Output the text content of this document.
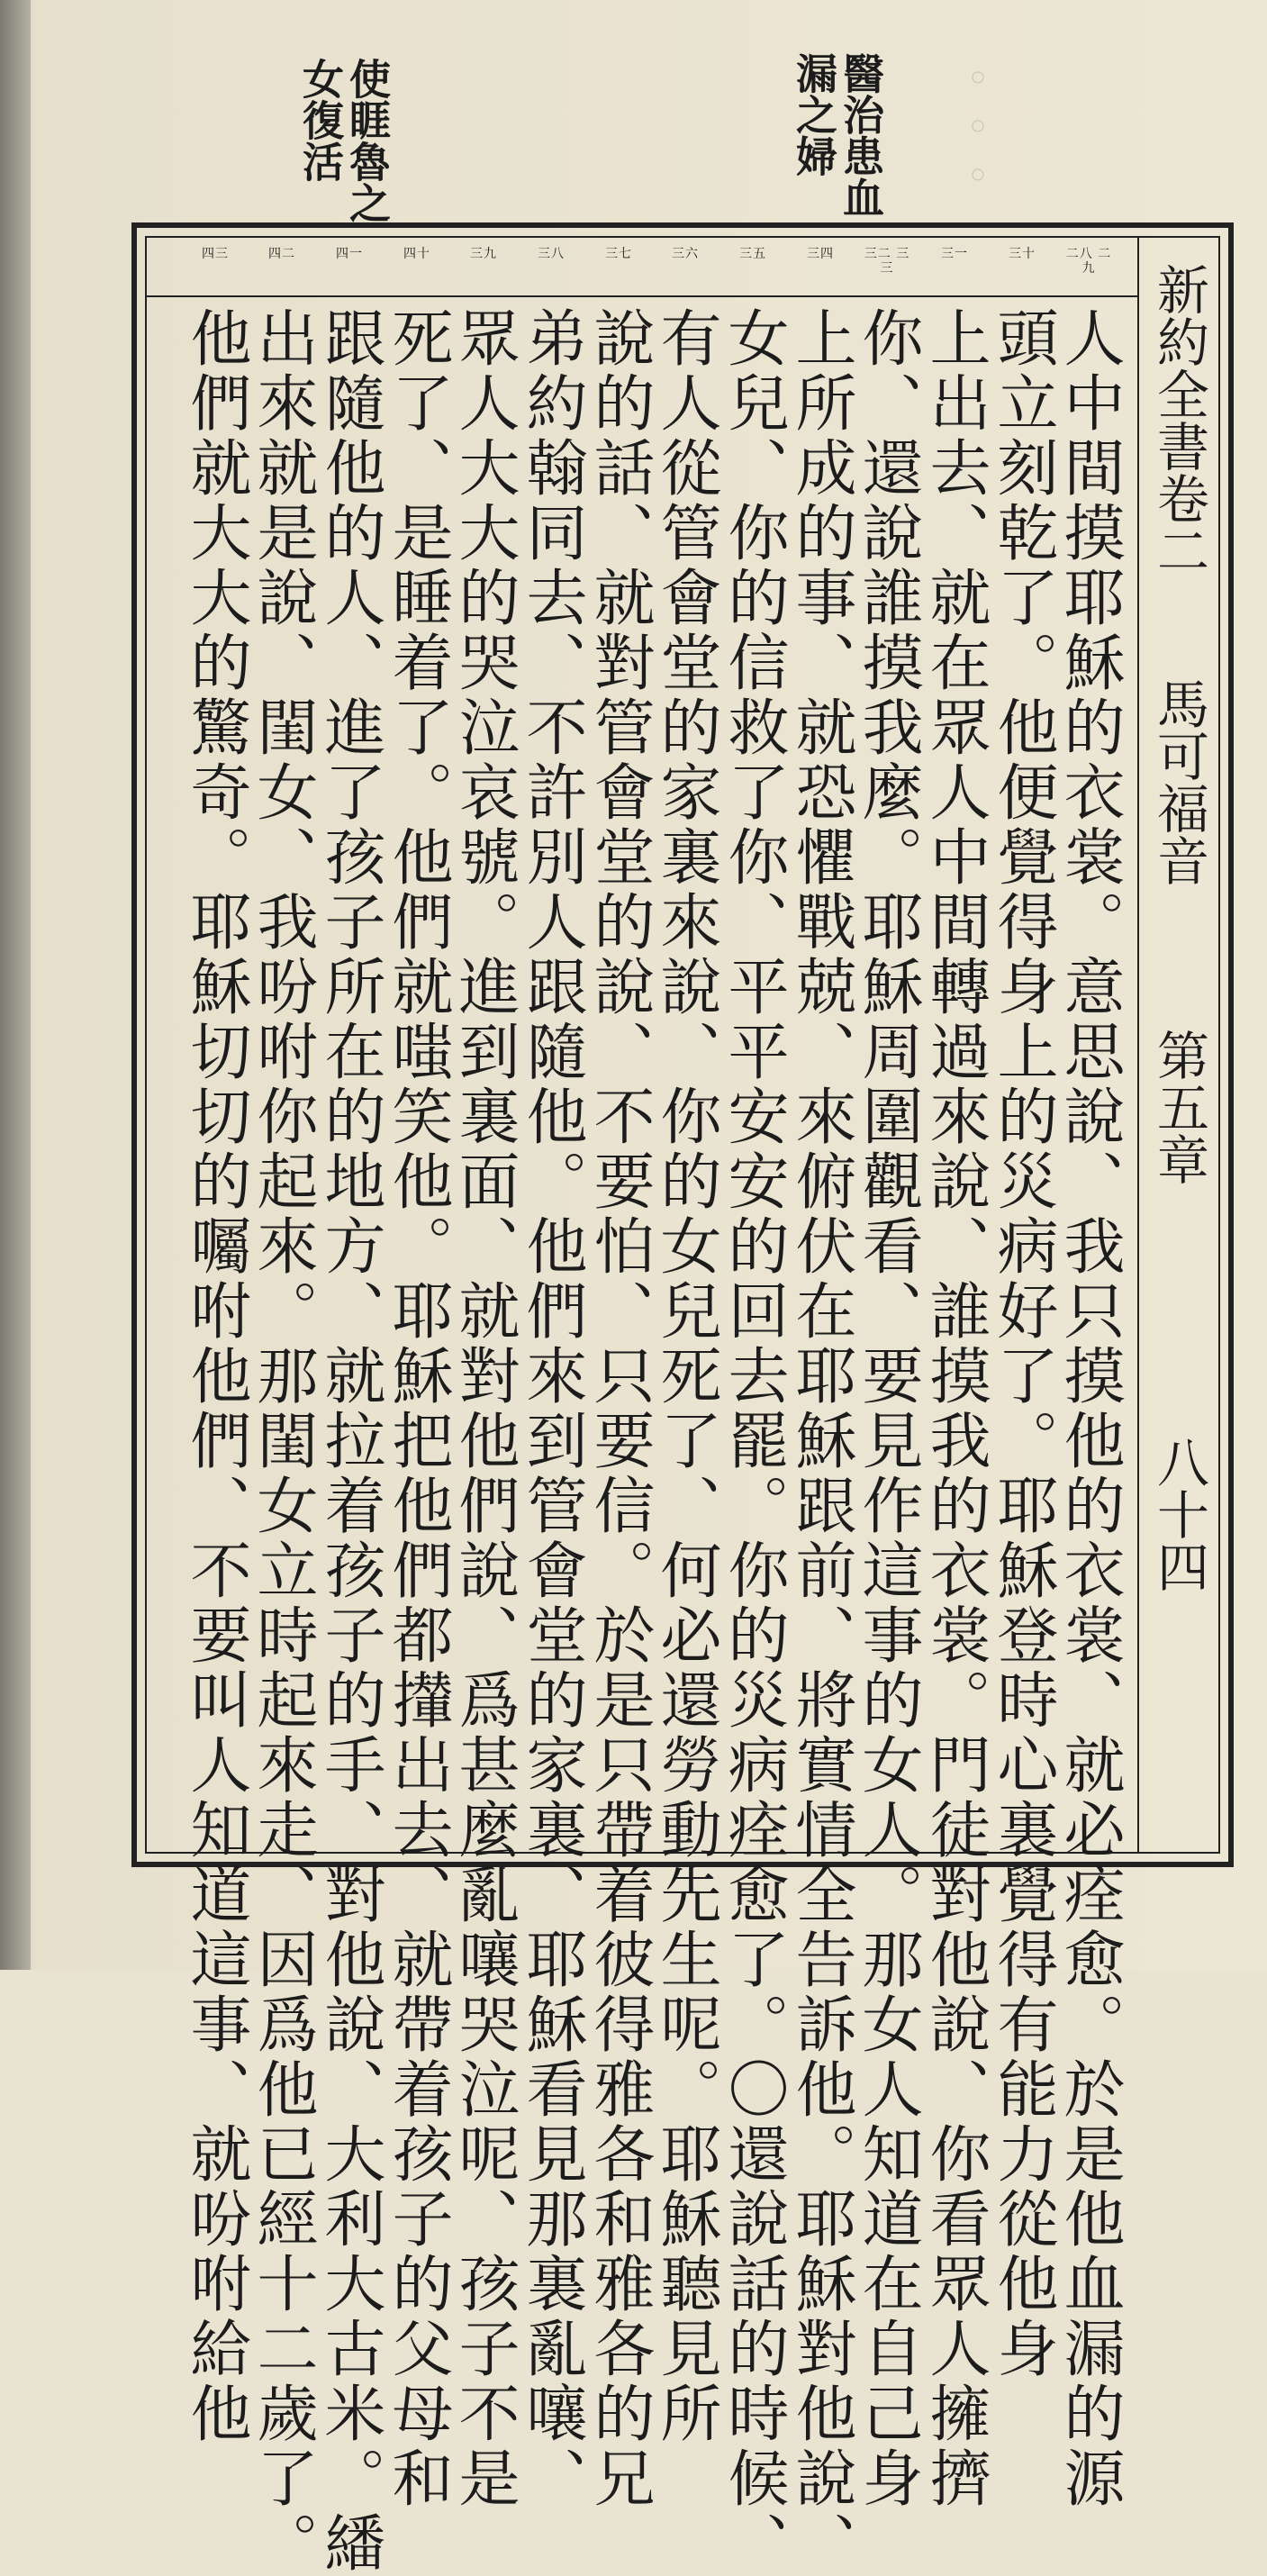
◦◦◦
醫治患血
漏之婦
使睚魯之
女復活
新約全書卷二
馬可福音
第五章
八十四
二八 二九
三十
三一
三二 三三
三四
三五
三六
三七
三八
三九
四十
四一
四二
四三
人中間摸耶穌的衣裳。意思說、我只摸他的衣裳、就必痊愈。於是他血漏的源
頭立刻乾了。他便覺得身上的災病好了。耶穌登時心裏覺得有能力從他身
上出去、就在眾人中間轉過來說、誰摸我的衣裳。門徒對他說、你看眾人擁擠
你、還說誰摸我麼。耶穌周圍觀看、要見作這事的女人。那女人知道在自己身
上所成的事、就恐懼戰兢、來俯伏在耶穌跟前、將實情全告訴他。耶穌對他說、
女兒、你的信救了你、平平安安的回去罷。你的災病痊愈了。〇還說話的時候、
有人從管會堂的家裏來說、你的女兒死了、何必還勞動先生呢。耶穌聽見所
說的話、就對管會堂的說、不要怕、只要信。於是只帶着彼得雅各和雅各的兄
弟約翰同去、不許別人跟隨他。他們來到管會堂的家裏、耶穌看見那裏亂嚷、
眾人大大的哭泣哀號。進到裏面、就對他們說、爲甚麼亂嚷哭泣呢、孩子不是
死了、是睡着了。他們就嗤笑他。耶穌把他們都攆出去、就帶着孩子的父母和
跟隨他的人、進了孩子所在的地方、就拉着孩子的手、對他說、大利大古米。繙
出來就是說、閨女、我吩咐你起來。那閨女立時起來走、因爲他已經十二歲了。
他們就大大的驚奇。耶穌切切的囑咐他們、不要叫人知道這事、就吩咐給他
